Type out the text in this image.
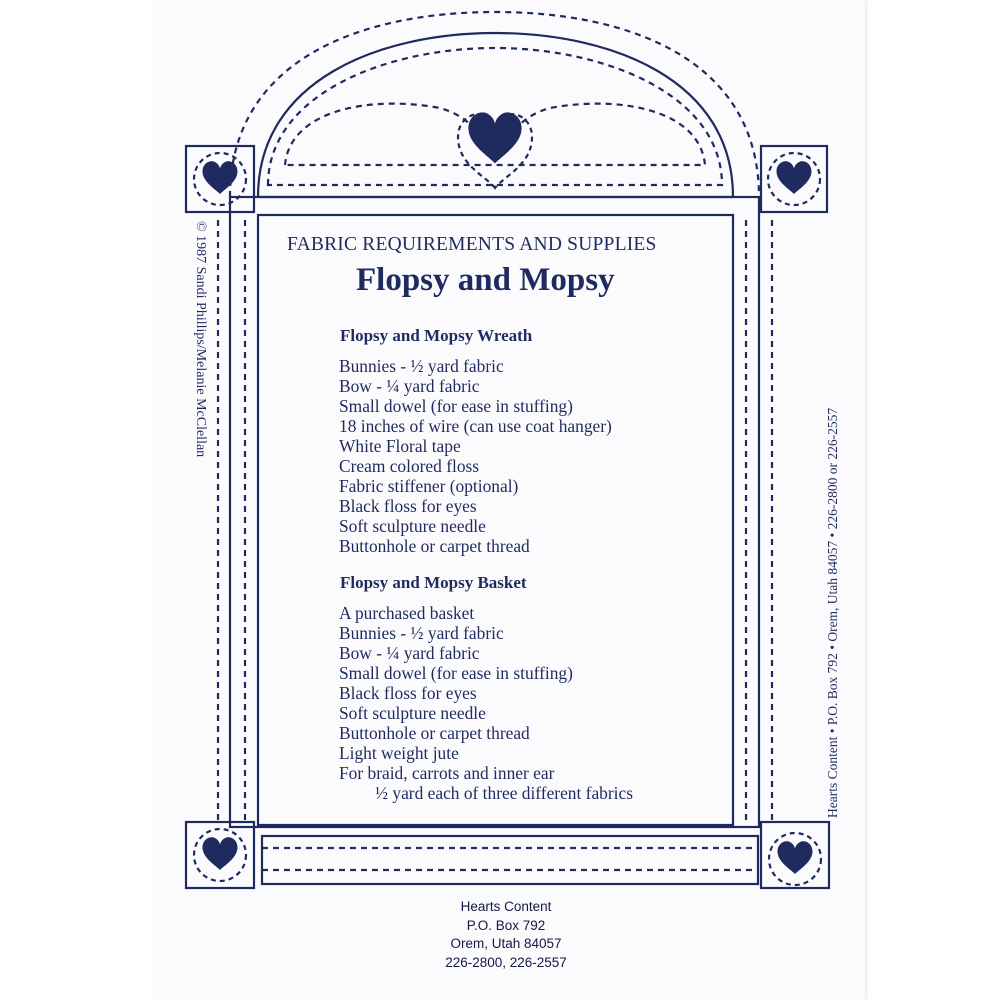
FABRIC REQUIREMENTS AND SUPPLIES
Flopsy and Mopsy
Flopsy and Mopsy Wreath
Bunnies - ½ yard fabric
Bow - ¼ yard fabric
Small dowel (for ease in stuffing)
18 inches of wire (can use coat hanger)
White Floral tape
Cream colored floss
Fabric stiffener (optional)
Black floss for eyes
Soft sculpture needle
Buttonhole or carpet thread
Flopsy and Mopsy Basket
A purchased basket
Bunnies - ½ yard fabric
Bow - ¼ yard fabric
Small dowel (for ease in stuffing)
Black floss for eyes
Soft sculpture needle
Buttonhole or carpet thread
Light weight jute
For braid, carrots and inner ear
½ yard each of three different fabrics
© 1987 Sandi Phillips/Melanie McClellan
Hearts Content • P.O. Box 792 • Orem, Utah 84057 • 226-2800 or 226-2557
Hearts Content
P.O. Box 792
Orem, Utah 84057
226-2800, 226-2557
